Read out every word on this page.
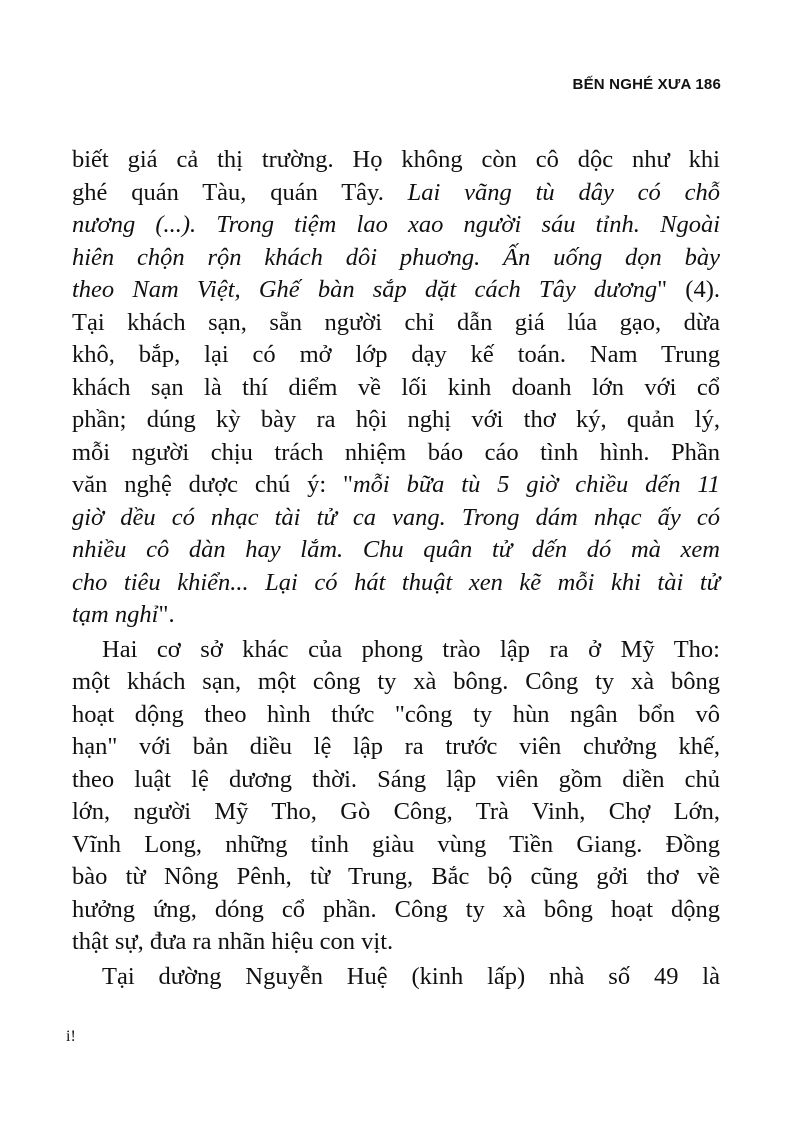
BẾN NGHÉ XƯA 186
biết giá cả thị trường. Họ không còn cô dộc như khi
ghé quán Tàu, quán Tây. Lai vãng tù dây có chỗ
nương (...). Trong tiệm lao xao người sáu tỉnh. Ngoài
hiên chộn rộn khách dôi phuơng. Ấn uống dọn bày
theo Nam Việt, Ghế bàn sắp dặt cách Tây dương" (4).
Tại khách sạn, sẵn người chỉ dẫn giá lúa gạo, dừa
khô, bắp, lại có mở lớp dạy kế toán. Nam Trung
khách sạn là thí diểm về lối kinh doanh lớn với cổ
phần; dúng kỳ bày ra hội nghị với thơ ký, quản lý,
mỗi người chịu trách nhiệm báo cáo tình hình. Phần
văn nghệ dược chú ý: "mỗi bữa tù 5 giờ chiều dến 11
giờ dều có nhạc tài tử ca vang. Trong dám nhạc ấy có
nhiều cô dàn hay lắm. Chu quân tử dến dó mà xem
cho tiêu khiển... Lại có hát thuật xen kẽ mỗi khi tài tử
tạm nghỉ".
Hai cơ sở khác của phong trào lập ra ở Mỹ Tho:
một khách sạn, một công ty xà bông. Công ty xà bông
hoạt dộng theo hình thức "công ty hùn ngân bổn vô
hạn" với bản diều lệ lập ra trước viên chưởng khế,
theo luật lệ dương thời. Sáng lập viên gồm diền chủ
lớn, người Mỹ Tho, Gò Công, Trà Vinh, Chợ Lớn,
Vĩnh Long, những tỉnh giàu vùng Tiền Giang. Đồng
bào từ Nông Pênh, từ Trung, Bắc bộ cũng gởi thơ về
hưởng ứng, dóng cổ phần. Công ty xà bông hoạt dộng
thật sự, đưa ra nhãn hiệu con vịt.
Tại dường Nguyễn Huệ (kinh lấp) nhà số 49 là
i!
